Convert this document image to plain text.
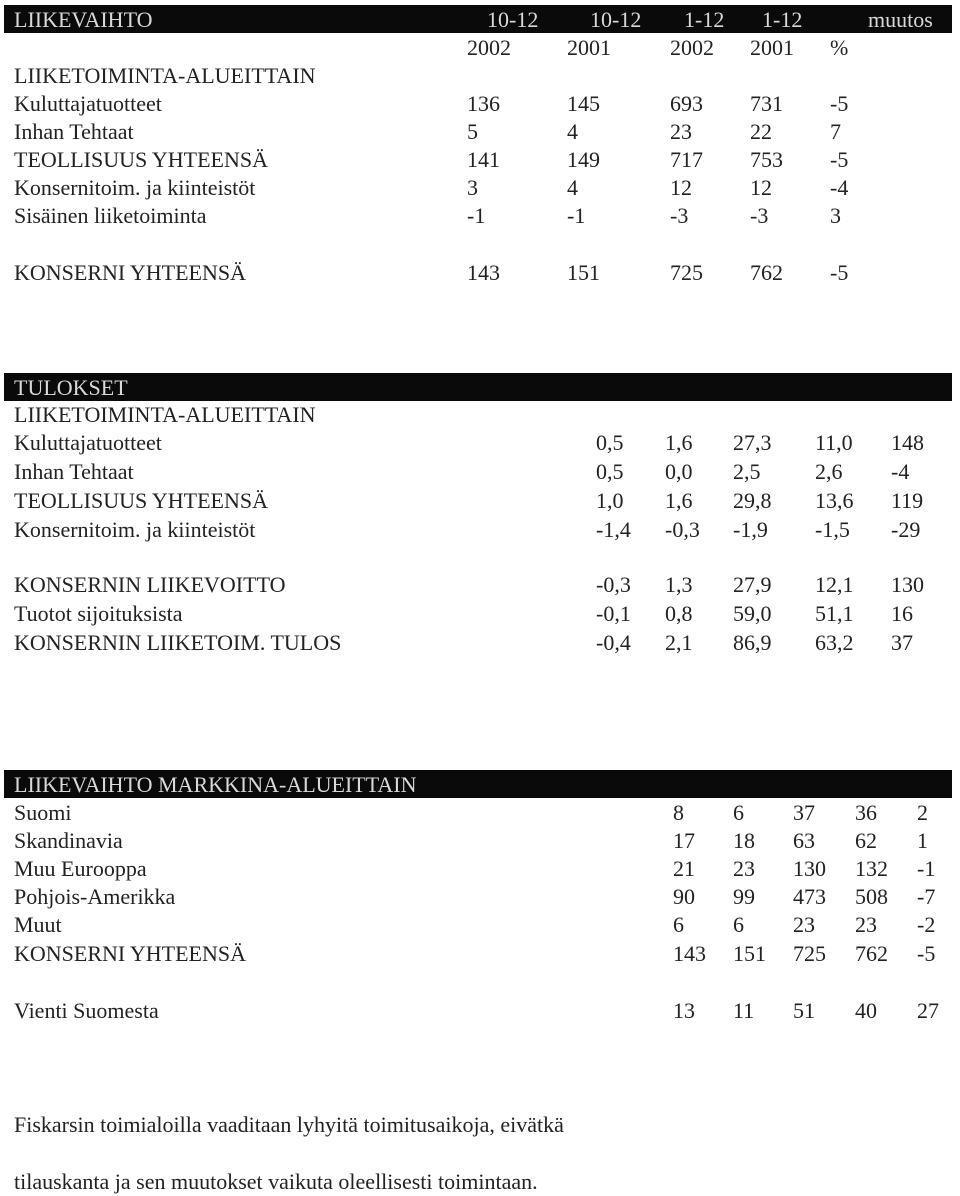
LIIKEVAIHTO	10-12 10-12 1-12 1-12	muutos
2002	2001	2002 2001 %
LIIKETOIMINTA-ALUEITTAIN
Kuluttajatuotteet	136	145	693 731 -5
Inhan Tehtaat	5	4	23	22	7
TEOLLISUUS YHTEENSÄ	141	149	717 753 -5
Konsernitoim. ja kiinteistöt	3	4	12	12	-4
Sisäinen liiketoiminta	-1	-1	-3	-3	3
KONSERNI YHTEENSÄ	143	151	725 762 -5
TULOKSET
LIIKETOIMINTA-ALUEITTAIN
Kuluttajatuotteet	0,5 1,6 27,3 11,0 148
Inhan Tehtaat	0,5 0,0 2,5 2,6 -4
TEOLLISUUS YHTEENSÄ	1,0 1,6 29,8 13,6 119
Konsernitoim. ja kiinteistöt	-1,4 -0,3 -1,9 -1,5 -29
KONSERNIN LIIKEVOITTO	-0,3 1,3 27,9 12,1 130
Tuotot sijoituksista	-0,1 0,8 59,0 51,1 16
KONSERNIN LIIKETOIM. TULOS	-0,4 2,1 86,9 63,2 37
LIIKEVAIHTO MARKKINA-ALUEITTAIN
Suomi	8 6 37 36 2
Skandinavia	17 18 63 62 1
Muu Eurooppa	21 23 130 132 -1
Pohjois-Amerikka	90 99 473 508 -7
Muut	6 6 23 23 -2
KONSERNI YHTEENSÄ	143 151 725 762 -5
Vienti Suomesta	13 11 51 40 27
Fiskarsin toimialoilla vaaditaan lyhyitä toimitusaikoja, eivätkä
tilauskanta ja sen muutokset vaikuta oleellisesti toimintaan.
